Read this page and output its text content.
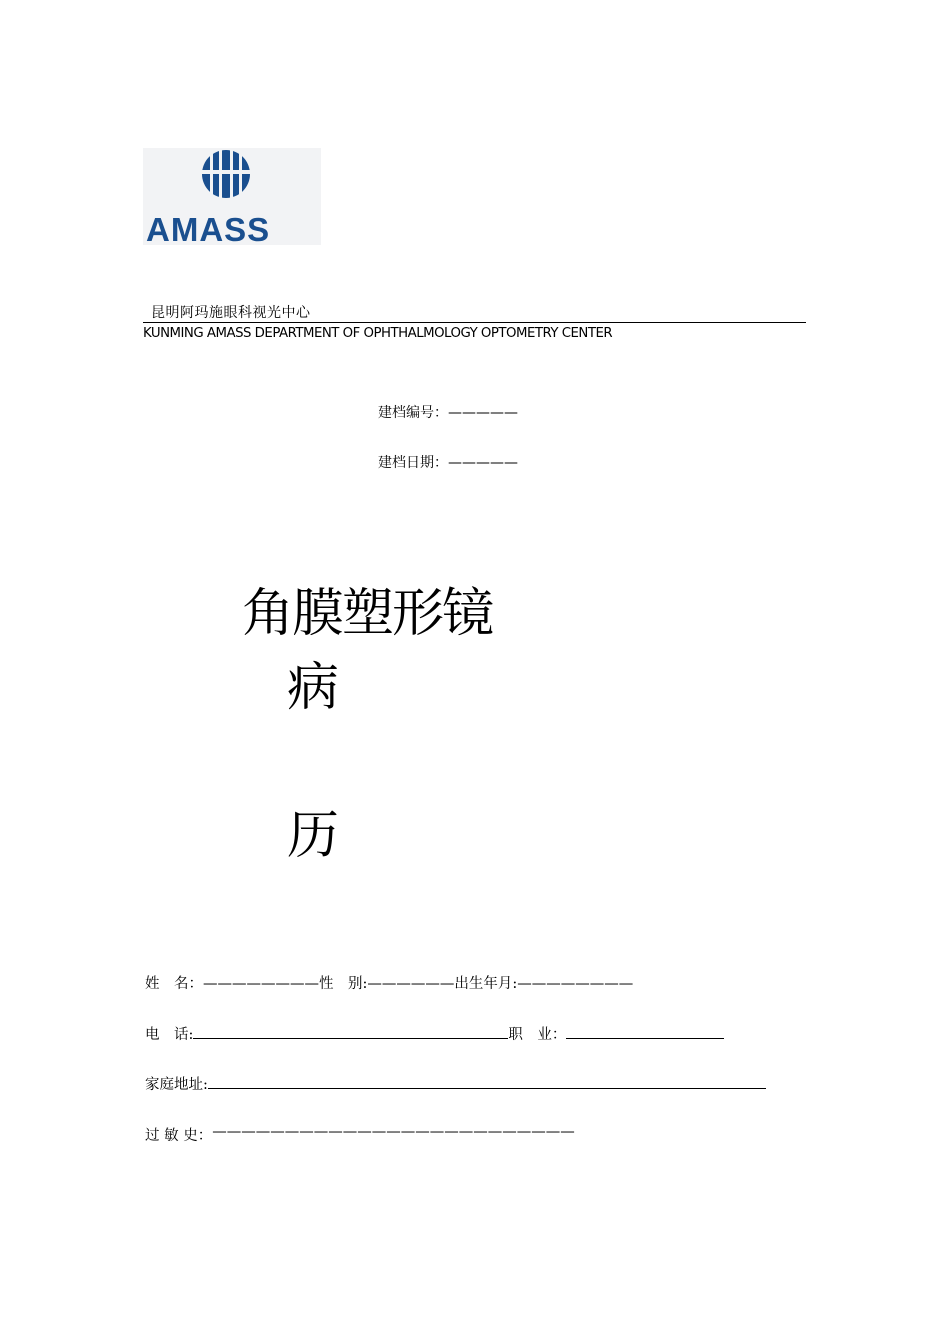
AMASS
昆明阿玛施眼科视光中心
KUNMING AMASS DEPARTMENT OF OPHTHALMOLOGY OPTOMETRY CENTER
建档编号：—————
建档日期：—————
角膜塑形镜
病
历
姓　名：————————性　别:——————出生年月:————————
电　话:	职　业：
家庭地址:
过 敏 史：—————————————————————————
